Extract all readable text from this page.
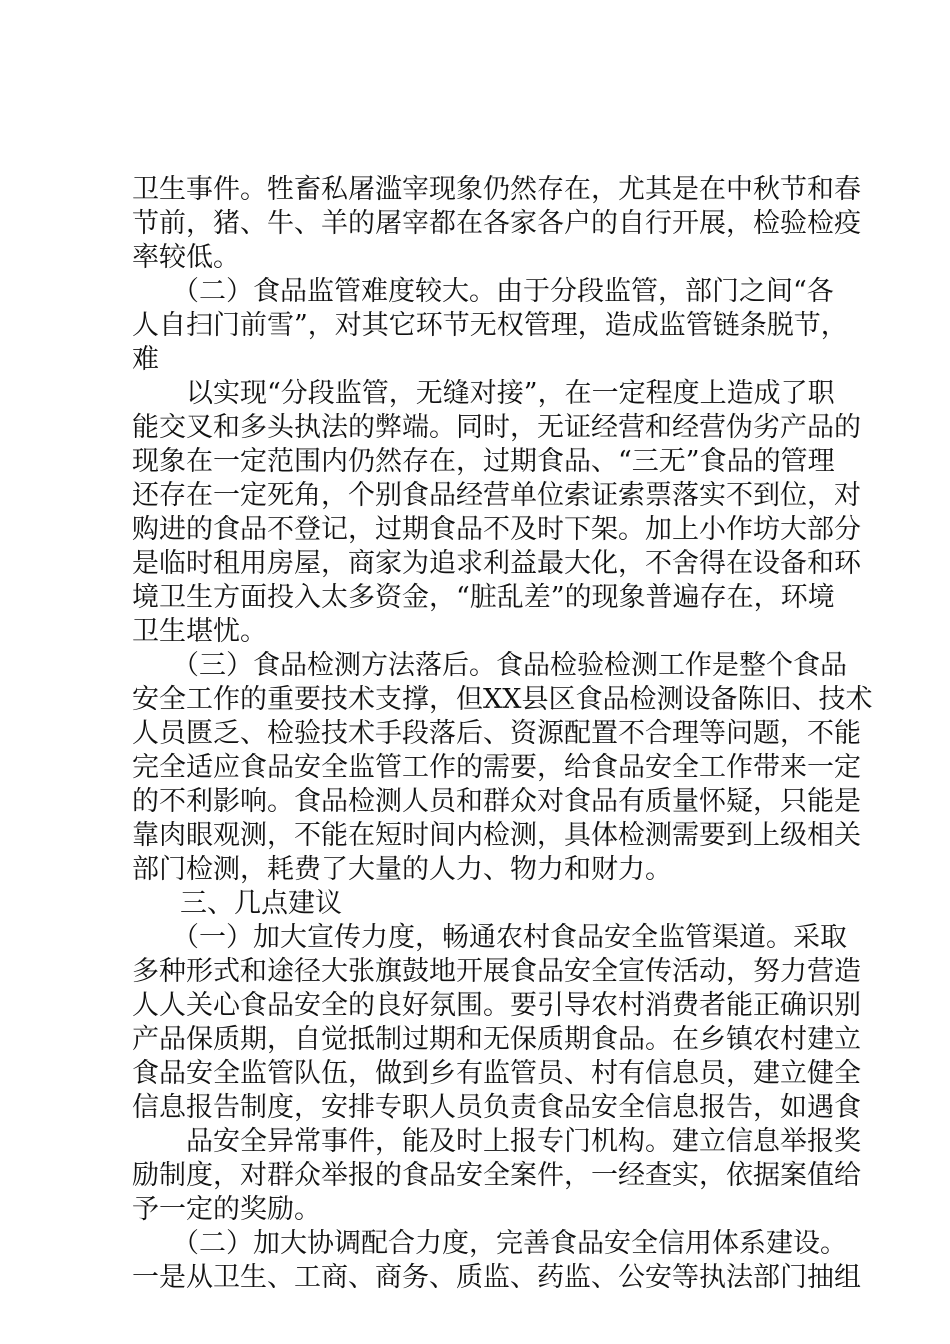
卫生事件。牲畜私屠滥宰现象仍然存在，尤其是在中秋节和春
节前，猪、牛、羊的屠宰都在各家各户的自行开展，检验检疫
率较低。
（二）食品监管难度较大。由于分段监管，部门之间“各
人自扫门前雪”，对其它环节无权管理，造成监管链条脱节，
难
以实现“分段监管，无缝对接”，在一定程度上造成了职
能交叉和多头执法的弊端。同时，无证经营和经营伪劣产品的
现象在一定范围内仍然存在，过期食品、“三无”食品的管理
还存在一定死角，个别食品经营单位索证索票落实不到位，对
购进的食品不登记，过期食品不及时下架。加上小作坊大部分
是临时租用房屋，商家为追求利益最大化，不舍得在设备和环
境卫生方面投入太多资金，“脏乱差”的现象普遍存在，环境
卫生堪忧。
（三）食品检测方法落后。食品检验检测工作是整个食品
安全工作的重要技术支撑，但XX县区食品检测设备陈旧、技术
人员匮乏、检验技术手段落后、资源配置不合理等问题，不能
完全适应食品安全监管工作的需要，给食品安全工作带来一定
的不利影响。食品检测人员和群众对食品有质量怀疑，只能是
靠肉眼观测，不能在短时间内检测，具体检测需要到上级相关
部门检测，耗费了大量的人力、物力和财力。
三、几点建议
（一）加大宣传力度，畅通农村食品安全监管渠道。采取
多种形式和途径大张旗鼓地开展食品安全宣传活动，努力营造
人人关心食品安全的良好氛围。要引导农村消费者能正确识别
产品保质期，自觉抵制过期和无保质期食品。在乡镇农村建立
食品安全监管队伍，做到乡有监管员、村有信息员，建立健全
信息报告制度，安排专职人员负责食品安全信息报告，如遇食
品安全异常事件，能及时上报专门机构。建立信息举报奖
励制度，对群众举报的食品安全案件，一经查实，依据案值给
予一定的奖励。
（二）加大协调配合力度，完善食品安全信用体系建设。
一是从卫生、工商、商务、质监、药监、公安等执法部门抽组
